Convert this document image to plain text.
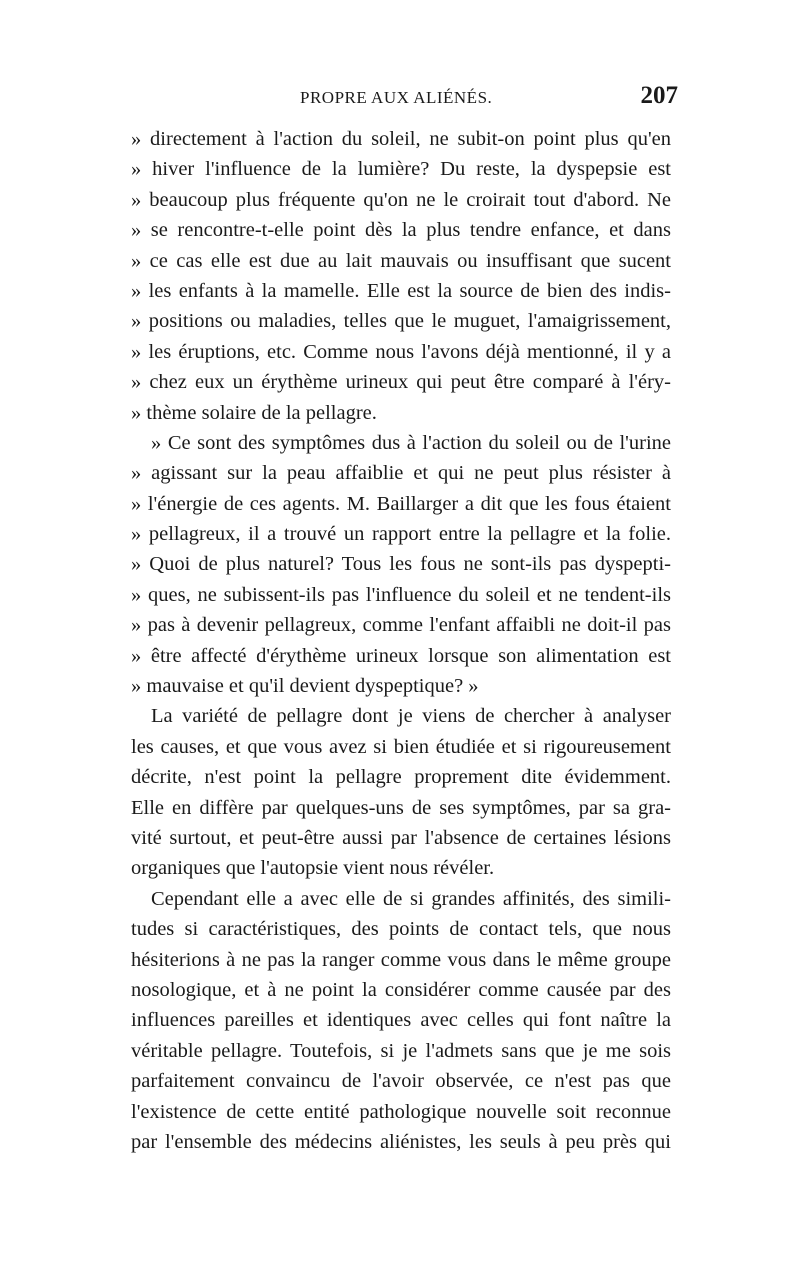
PROPRE AUX ALIÉNÉS.	207
» directement à l'action du soleil, ne subit-on point plus qu'en
» hiver l'influence de la lumière? Du reste, la dyspepsie est
» beaucoup plus fréquente qu'on ne le croirait tout d'abord. Ne
» se rencontre-t-elle point dès la plus tendre enfance, et dans
» ce cas elle est due au lait mauvais ou insuffisant que sucent
» les enfants à la mamelle. Elle est la source de bien des indis-
» positions ou maladies, telles que le muguet, l'amaigrissement,
» les éruptions, etc. Comme nous l'avons déjà mentionné, il y a
» chez eux un érythème urineux qui peut être comparé à l'éry-
» thème solaire de la pellagre.
» Ce sont des symptômes dus à l'action du soleil ou de l'urine
» agissant sur la peau affaiblie et qui ne peut plus résister à
» l'énergie de ces agents. M. Baillarger a dit que les fous étaient
» pellagreux, il a trouvé un rapport entre la pellagre et la folie.
» Quoi de plus naturel? Tous les fous ne sont-ils pas dyspepti-
» ques, ne subissent-ils pas l'influence du soleil et ne tendent-ils
» pas à devenir pellagreux, comme l'enfant affaibli ne doit-il pas
» être affecté d'érythème urineux lorsque son alimentation est
» mauvaise et qu'il devient dyspeptique? »
La variété de pellagre dont je viens de chercher à analyser
les causes, et que vous avez si bien étudiée et si rigoureusement
décrite, n'est point la pellagre proprement dite évidemment.
Elle en diffère par quelques-uns de ses symptômes, par sa gra-
vité surtout, et peut-être aussi par l'absence de certaines lésions
organiques que l'autopsie vient nous révéler.
Cependant elle a avec elle de si grandes affinités, des simili-
tudes si caractéristiques, des points de contact tels, que nous
hésiterions à ne pas la ranger comme vous dans le même groupe
nosologique, et à ne point la considérer comme causée par des
influences pareilles et identiques avec celles qui font naître la
véritable pellagre. Toutefois, si je l'admets sans que je me sois
parfaitement convaincu de l'avoir observée, ce n'est pas que
l'existence de cette entité pathologique nouvelle soit reconnue
par l'ensemble des médecins aliénistes, les seuls à peu près qui
